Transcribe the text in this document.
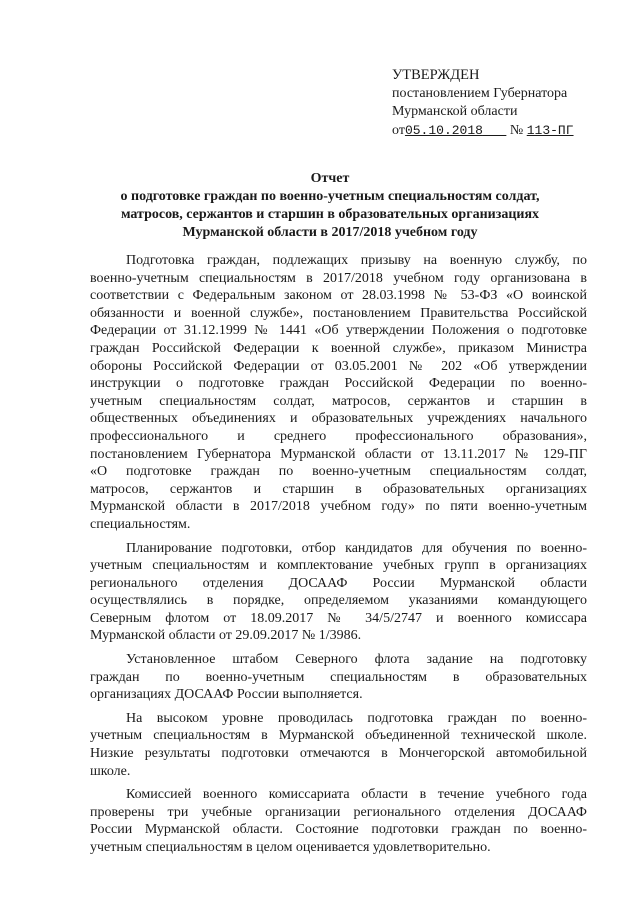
УТВЕРЖДЕН
постановлением Губернатора
Мурманской области
от05.10.2018 № 113-ПГ
Отчет
о подготовке граждан по военно-учетным специальностям солдат,
матросов, сержантов и старшин в образовательных организациях
Мурманской области в 2017/2018 учебном году
Подготовка граждан, подлежащих призыву на военную службу, по
военно-учетным специальностям в 2017/2018 учебном году организована в
соответствии с Федеральным законом от 28.03.1998 № 53-ФЗ «О воинской
обязанности и военной службе», постановлением Правительства Российской
Федерации от 31.12.1999 № 1441 «Об утверждении Положения о подготовке
граждан Российской Федерации к военной службе», приказом Министра
обороны Российской Федерации от 03.05.2001 № 202 «Об утверждении
инструкции о подготовке граждан Российской Федерации по военно-
учетным специальностям солдат, матросов, сержантов и старшин в
общественных объединениях и образовательных учреждениях начального
профессионального и среднего профессионального образования»,
постановлением Губернатора Мурманской области от 13.11.2017 № 129-ПГ
«О подготовке граждан по военно-учетным специальностям солдат,
матросов, сержантов и старшин в образовательных организациях
Мурманской области в 2017/2018 учебном году» по пяти военно-учетным
специальностям.
Планирование подготовки, отбор кандидатов для обучения по военно-
учетным специальностям и комплектование учебных групп в организациях
регионального отделения ДОСААФ России Мурманской области
осуществлялись в порядке, определяемом указаниями командующего
Северным флотом от 18.09.2017 № 34/5/2747 и военного комиссара
Мурманской области от 29.09.2017 № 1/3986.
Установленное штабом Северного флота задание на подготовку
граждан по военно-учетным специальностям в образовательных
организациях ДОСААФ России выполняется.
На высоком уровне проводилась подготовка граждан по военно-
учетным специальностям в Мурманской объединенной технической школе.
Низкие результаты подготовки отмечаются в Мончегорской автомобильной
школе.
Комиссией военного комиссариата области в течение учебного года
проверены три учебные организации регионального отделения ДОСААФ
России Мурманской области. Состояние подготовки граждан по военно-
учетным специальностям в целом оценивается удовлетворительно.
